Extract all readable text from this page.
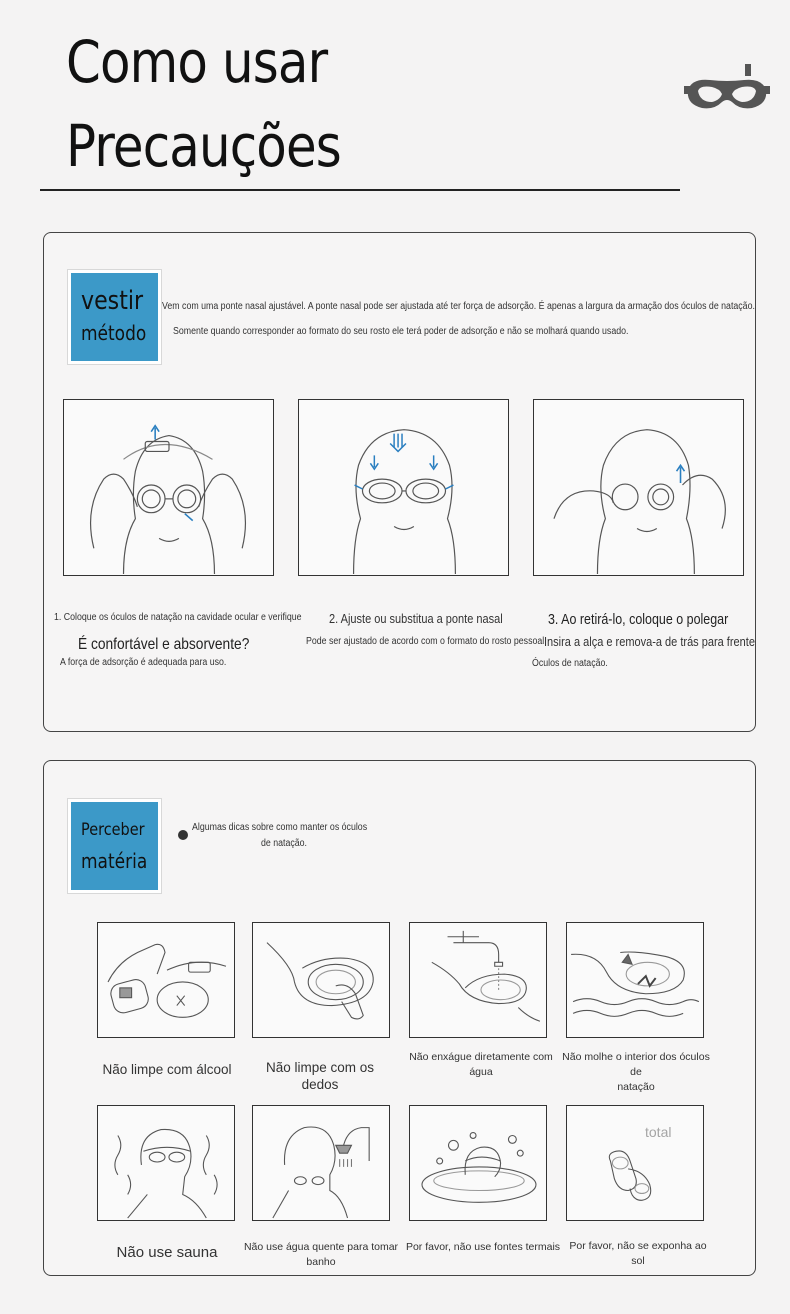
Como usar
Precauções
vestir
método
Vem com uma ponte nasal ajustável. A ponte nasal pode ser ajustada até ter força de adsorção. É apenas a largura da armação dos óculos de natação.
Somente quando corresponder ao formato do seu rosto ele terá poder de adsorção e não se molhará quando usado.
1. Coloque os óculos de natação na cavidade ocular e verifique
É confortável e absorvente?
A força de adsorção é adequada para uso.
2. Ajuste ou substitua a ponte nasal
Pode ser ajustado de acordo com o formato do rosto pessoal
3. Ao retirá-lo, coloque o polegar
Insira a alça e remova-a de trás para frente
Óculos de natação.
Perceber
matéria
Algumas dicas sobre como manter os óculos
de natação.
Não limpe com álcool	Não limpe com os dedos
Não enxágue diretamente com
água
Não molhe o interior dos óculos de
natação
total
Não use sauna	Não use água quente para tomar banho
Por favor, não use fontes termais Por favor, não se exponha ao sol
